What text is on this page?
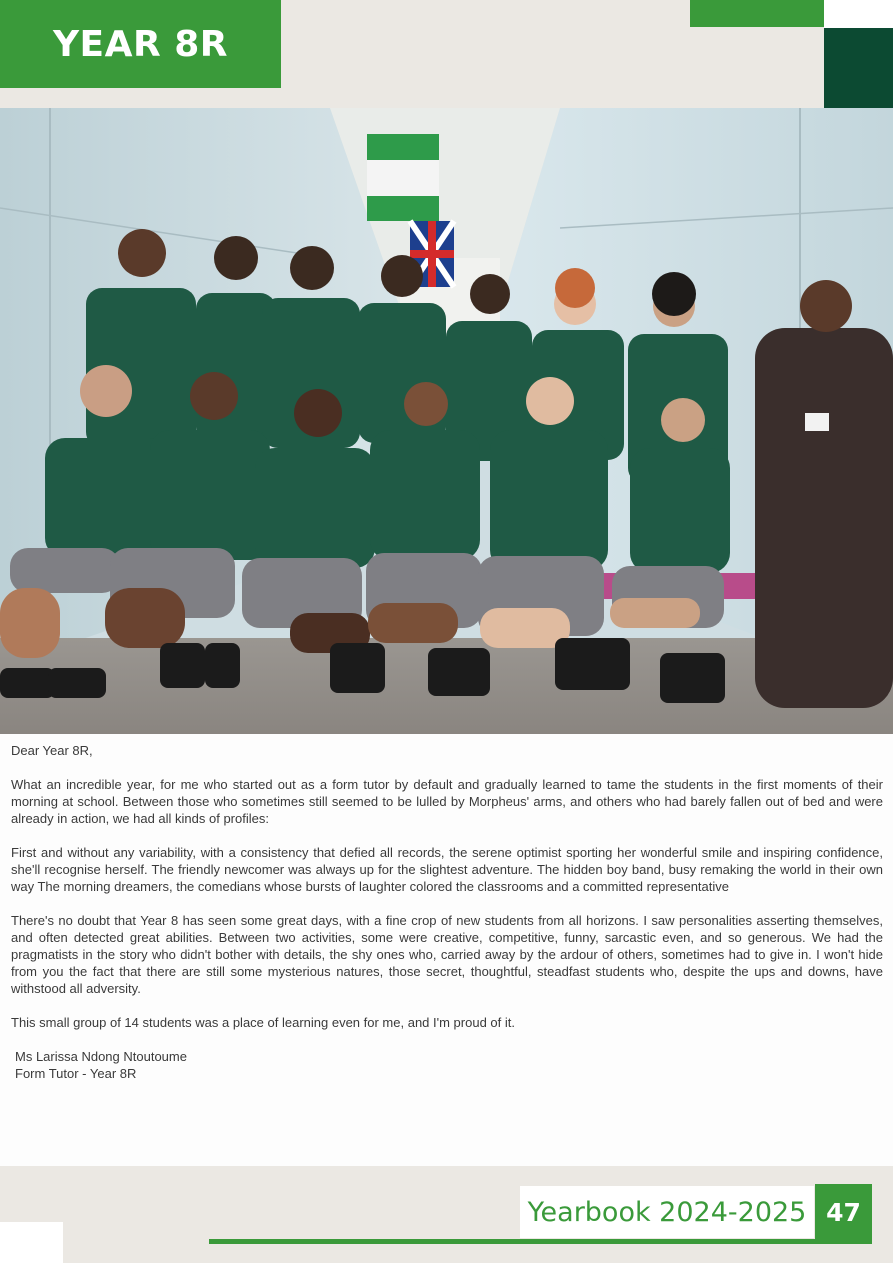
YEAR 8R

Dear Year 8R,

What an incredible year, for me who started out as a form tutor by default and gradually learned to tame the students in the first moments of their morning at school. Between those who sometimes still seemed to be lulled by Morpheus' arms, and others who had barely fallen out of bed and were already in action, we had all kinds of profiles:

First and without any variability, with a consistency that defied all records, the serene optimist sporting her wonderful smile and inspiring confidence, she'll recognise herself. The friendly newcomer was always up for the slightest adventure. The hidden boy band, busy remaking the world in their own way The morning dreamers, the comedians whose bursts of laughter colored the classrooms and a committed representative

There's no doubt that Year 8 has seen some great days, with a fine crop of new students from all horizons. I saw personalities asserting themselves, and often detected great abilities. Between two activities, some were creative, competitive, funny, sarcastic even, and so generous. We had the pragmatists in the story who didn't bother with details, the shy ones who, carried away by the ardour of others, sometimes had to give in. I won't hide from you the fact that there are still some mysterious natures, those secret, thoughtful, steadfast students who, despite the ups and downs, have withstood all adversity.

This small group of 14 students was a place of learning even for me, and I'm proud of it.

Ms Larissa Ndong Ntoutoume
Form Tutor - Year 8R
Yearbook 2024-2025 47
